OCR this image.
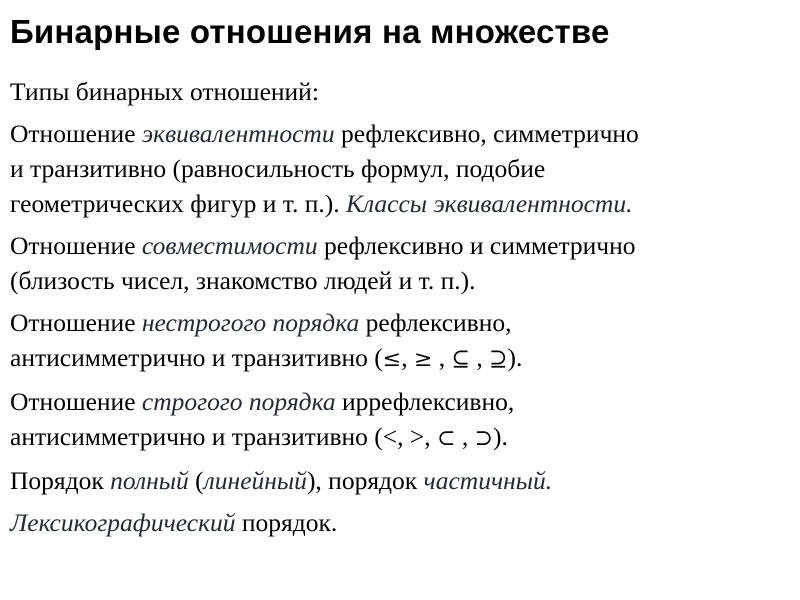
Бинарные отношения на множестве

Типы бинарных отношений:

Отношение эквивалентности рефлексивно, симметрично
и транзитивно (равносильность формул, подобие
геометрических фигур и т. п.). Классы эквивалентности.

Отношение совместимости рефлексивно и симметрично
(близость чисел, знакомство людей и т. п.).

Отношение нестрогого порядка рефлексивно,
антисимметрично и транзитивно (≤, ≥ , ⊆ , ⊇).

Отношение строгого порядка иррефлексивно,
антисимметрично и транзитивно (<, >, ⊂ , ⊃).

Порядок полный (линейный), порядок частичный.

Лексикографический порядок.
